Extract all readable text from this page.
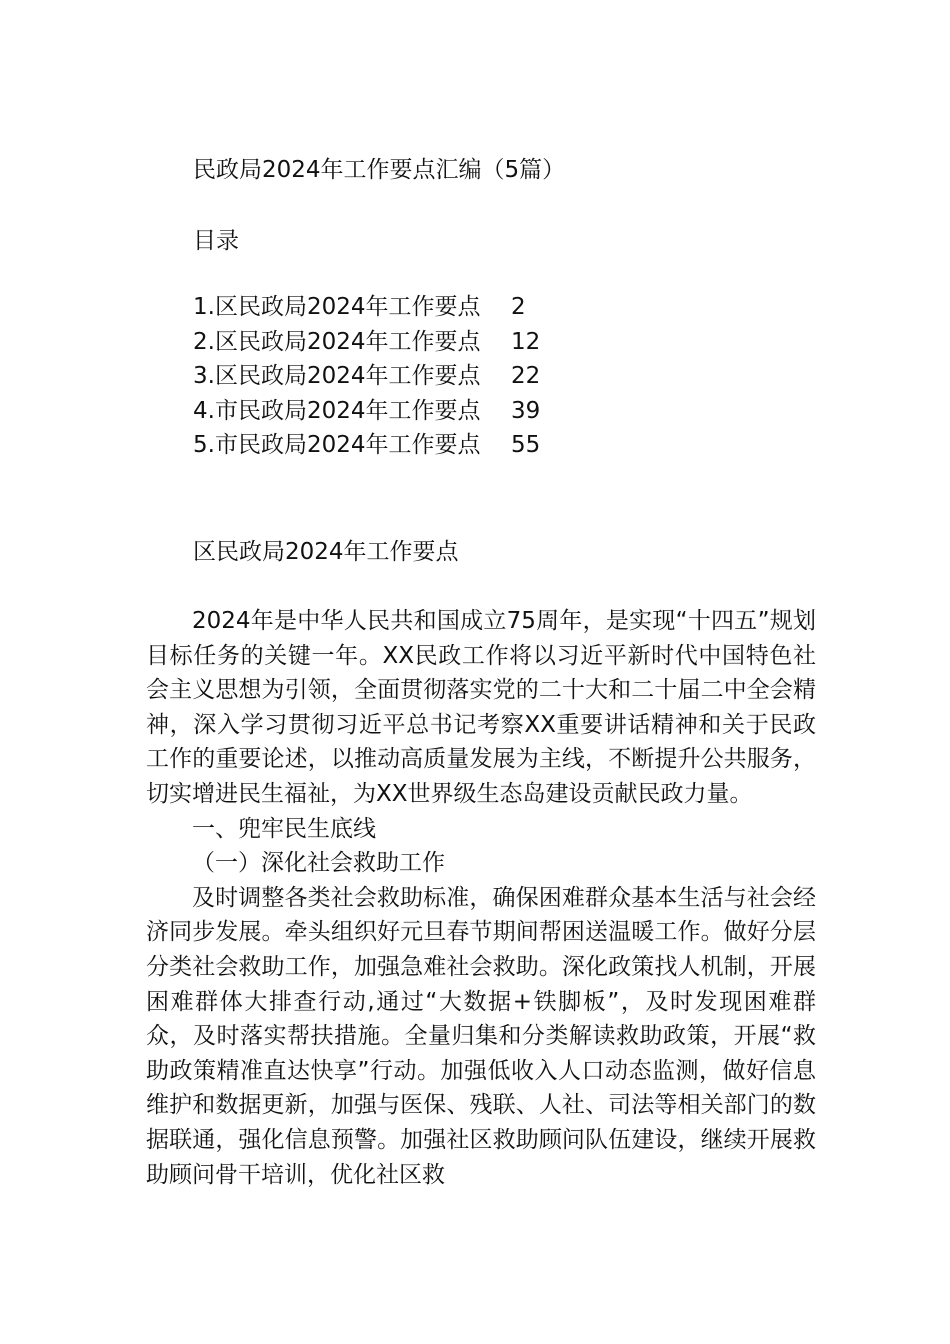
民政局2024年工作要点汇编（5篇）
目录
1.区民政局2024年工作要点	2
2.区民政局2024年工作要点	12
3.区民政局2024年工作要点	22
4.市民政局2024年工作要点	39
5.市民政局2024年工作要点	55
区民政局2024年工作要点

2024年是中华人民共和国成立75周年，是实现“十四五”规划目标任务的关键一年。XX民政工作将以习近平新时代中国特色社会主义思想为引领，全面贯彻落实党的二十大和二十届二中全会精神，深入学习贯彻习近平总书记考察XX重要讲话精神和关于民政工作的重要论述，以推动高质量发展为主线，不断提升公共服务，切实增进民生福祉，为XX世界级生态岛建设贡献民政力量。

一、兜牢民生底线

（一）深化社会救助工作

及时调整各类社会救助标准，确保困难群众基本生活与社会经济同步发展。牵头组织好元旦春节期间帮困送温暖工作。做好分层分类社会救助工作，加强急难社会救助。深化政策找人机制，开展困难群体大排查行动,通过“大数据+铁脚板”，及时发现困难群众，及时落实帮扶措施。全量归集和分类解读救助政策，开展“救助政策精准直达快享”行动。加强低收入人口动态监测，做好信息维护和数据更新，加强与医保、残联、人社、司法等相关部门的数据联通，强化信息预警。加强社区救助顾问队伍建设，继续开展救助顾问骨干培训，优化社区救
